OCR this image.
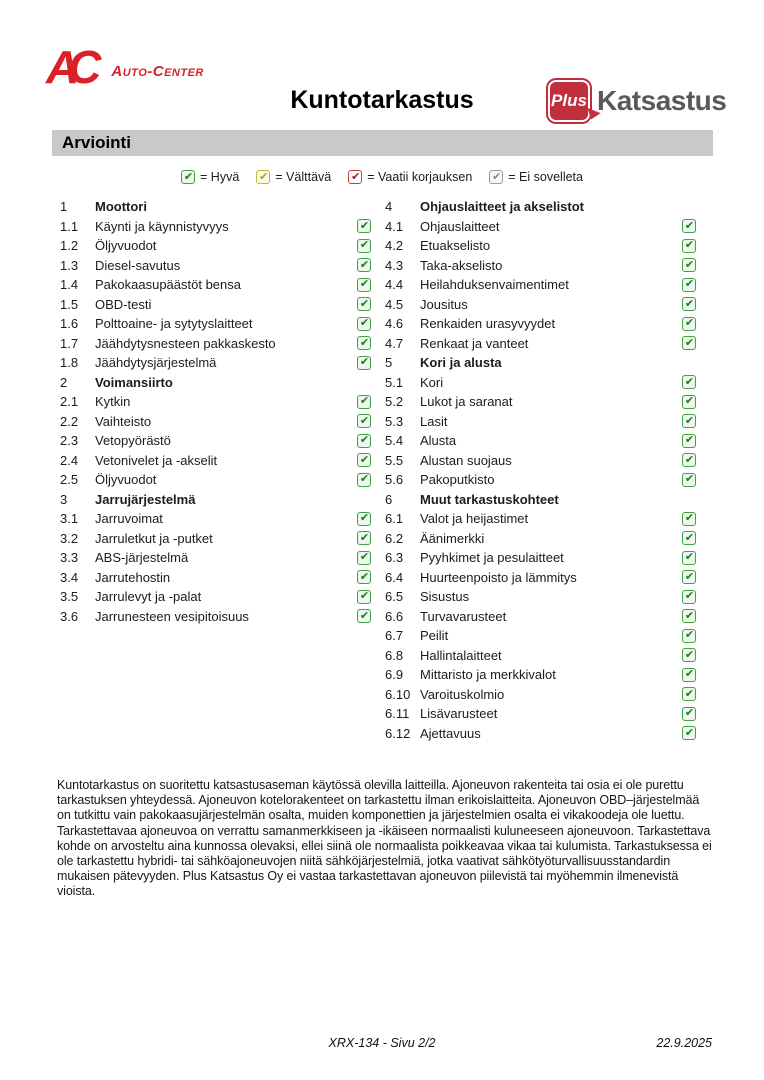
AC	Auto-Center
Kuntotarkastus	Plus Katsastus
Arviointi
✔ = Hyvä ✔ = Välttävä ✔ = Vaatii korjauksen ✔ = Ei sovelleta
1	Moottori
1.1	Käynti ja käynnistyvyys	✔
1.2	Öljyvuodot	✔
1.3	Diesel-savutus	✔
1.4	Pakokaasupäästöt bensa	✔
1.5	OBD-testi	✔
1.6	Polttoaine- ja sytytyslaitteet	✔
1.7	Jäähdytysnesteen pakkaskesto	✔
1.8	Jäähdytysjärjestelmä	✔
2	Voimansiirto
2.1	Kytkin	✔
2.2	Vaihteisto	✔
2.3	Vetopyörästö	✔
2.4	Vetonivelet ja -akselit	✔
2.5	Öljyvuodot	✔
3	Jarrujärjestelmä
3.1	Jarruvoimat	✔
3.2	Jarruletkut ja -putket	✔
3.3	ABS-järjestelmä	✔
3.4	Jarrutehostin	✔
3.5	Jarrulevyt ja -palat	✔
3.6	Jarrunesteen vesipitoisuus	✔
4	Ohjauslaitteet ja akselistot
4.1	Ohjauslaitteet	✔
4.2	Etuakselisto	✔
4.3	Taka-akselisto	✔
4.4	Heilahduksenvaimentimet	✔
4.5	Jousitus	✔
4.6	Renkaiden urasyvyydet	✔
4.7	Renkaat ja vanteet	✔
5	Kori ja alusta
5.1	Kori	✔
5.2	Lukot ja saranat	✔
5.3	Lasit	✔
5.4	Alusta	✔
5.5	Alustan suojaus	✔
5.6	Pakoputkisto	✔
6	Muut tarkastuskohteet
6.1	Valot ja heijastimet	✔
6.2	Äänimerkki	✔
6.3	Pyyhkimet ja pesulaitteet	✔
6.4	Huurteenpoisto ja lämmitys	✔
6.5	Sisustus	✔
6.6	Turvavarusteet	✔
6.7	Peilit	✔
6.8	Hallintalaitteet	✔
6.9	Mittaristo ja merkkivalot	✔
6.10 Varoituskolmio	✔
6.11 Lisävarusteet	✔
6.12 Ajettavuus	✔
Kuntotarkastus on suoritettu katsastusaseman käytössä olevilla laitteilla. Ajoneuvon rakenteita tai osia ei ole purettu tarkastuksen yhteydessä. Ajoneuvon kotelorakenteet on tarkastettu ilman erikoislaitteita. Ajoneuvon OBD–järjestelmää on tutkittu vain pakokaasujärjestelmän osalta, muiden komponettien ja järjestelmien osalta ei vikakoodeja ole luettu. Tarkastettavaa ajoneuvoa on verrattu samanmerkkiseen ja -ikäiseen normaalisti kuluneeseen ajoneuvoon. Tarkastettava kohde on arvosteltu aina kunnossa olevaksi, ellei siinä ole normaalista poikkeavaa vikaa tai kulumista. Tarkastuksessa ei ole tarkastettu hybridi- tai sähköajoneuvojen niitä sähköjärjestelmiä, jotka vaativat sähkötyöturvallisuusstandardin mukaisen pätevyyden. Plus Katsastus Oy ei vastaa tarkastettavan ajoneuvon piilevistä tai myöhemmin ilmenevistä vioista.
XRX-134 - Sivu 2/2	22.9.2025
